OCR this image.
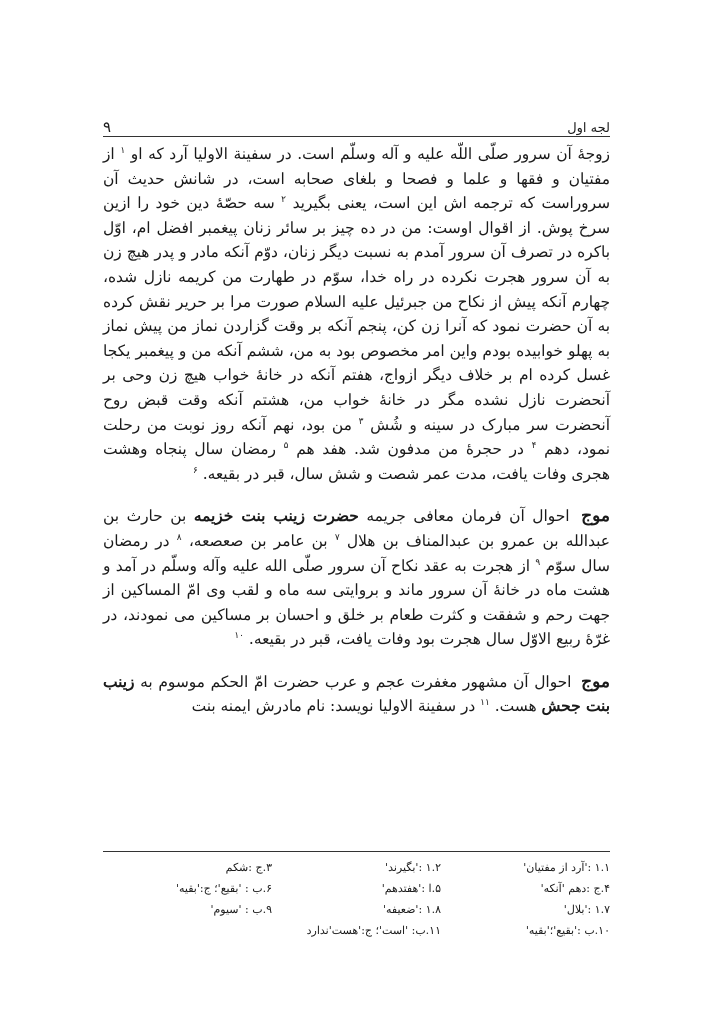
۹	لجه اول

زوجۀ آن سرور صلّی اللّه علیه و آله وسلّم است. در سفینة الاولیا آرد که او $^۱$ از مفتیان و فقها و علما و فصحا و بلغای صحابه است، در شانش حدیث آن سروراست که ترجمه اش این است، یعنی بگیرید $^۲$ سه حصّۀ دین خود را ازین سرخ پوش. از اقوال اوست: من در ده چیز بر سائر زنان پیغمبر افضل ام، اوّل باکره در تصرف آن سرور آمدم به نسبت دیگر زنان، دوّم آنکه مادر و پدر هیچ زن به آن سرور هجرت نکرده در راه خدا، سوّم در طهارت من کریمه نازل شده، چهارم آنکه پیش از نکاح من جبرئیل علیه السلام صورت مرا بر حریر نقش کرده به آن حضرت نمود که آنرا زن کن، پنجم آنکه بر وقت گزاردن نماز من پیش نماز به پهلو خوابیده بودم واین امر مخصوص بود به من، ششم آنکه من و پیغمبر یکجا غسل کرده ام بر خلاف دیگر ازواج، هفتم آنکه در خانۀ خواب هیچ زن وحی بر آنحضرت نازل نشده مگر در خانۀ خواب من، هشتم آنکه وقت قبض روح آنحضرت سر مبارک در سینه و شُش $^۳$ من بود، نهم آنکه روز نوبت من رحلت نمود، دهم $^۴$ در حجرۀ من مدفون شد. هفد هم $^۵$ رمضان سال پنجاه وهشت هجری وفات یافت، مدت عمر شصت و شش سال، قبر در بقیعه. $^۶$

موج احوال آن فرمان معافی جریمه حضرت زینب بنت خزیمه بن حارث بن عبدالله بن عمرو بن عبدالمناف بن هلال $^۷$ بن عامر بن صعصعه، $^۸$ در رمضان سال سوّم $^۹$ از هجرت به عقد نکاح آن سرور صلّی الله علیه وآله وسلّم در آمد و هشت ماه در خانۀ آن سرور ماند و بروایتی سه ماه و لقب وی امّ المساکین از جهت رحم و شفقت و کثرت طعام بر خلق و احسان بر مساکین می نمودند، در غرّۀ ربیع الاوّل سال هجرت بود وفات یافت، قبر در بقیعه. $^{۱۰}$

موج احوال آن مشهور مغفرت عجم و عرب حضرت امّ الحکم موسوم به زینب بنت جحش هست. $^{۱۱}$ در سفینة الاولیا نویسد: نام مادرش ایمنه بنت

۱.۱ :'آرد از مفتیان'
۱.۲ :'بگیرند'
۳.ج :شکم
۴.ج :دهم 'آنکه'
۵.ا :'هفتدهم'
۶.ب : 'بقیع'؛ ج:'بقیه'
۱.۷ :'بلال'
۱.۸ :'ضعیفه'
۹.ب : 'سیوم'
۱۰.ب :'بقیع'؛'بقیه'
۱۱.ب: 'است'؛ ج:'هست'ندارد
